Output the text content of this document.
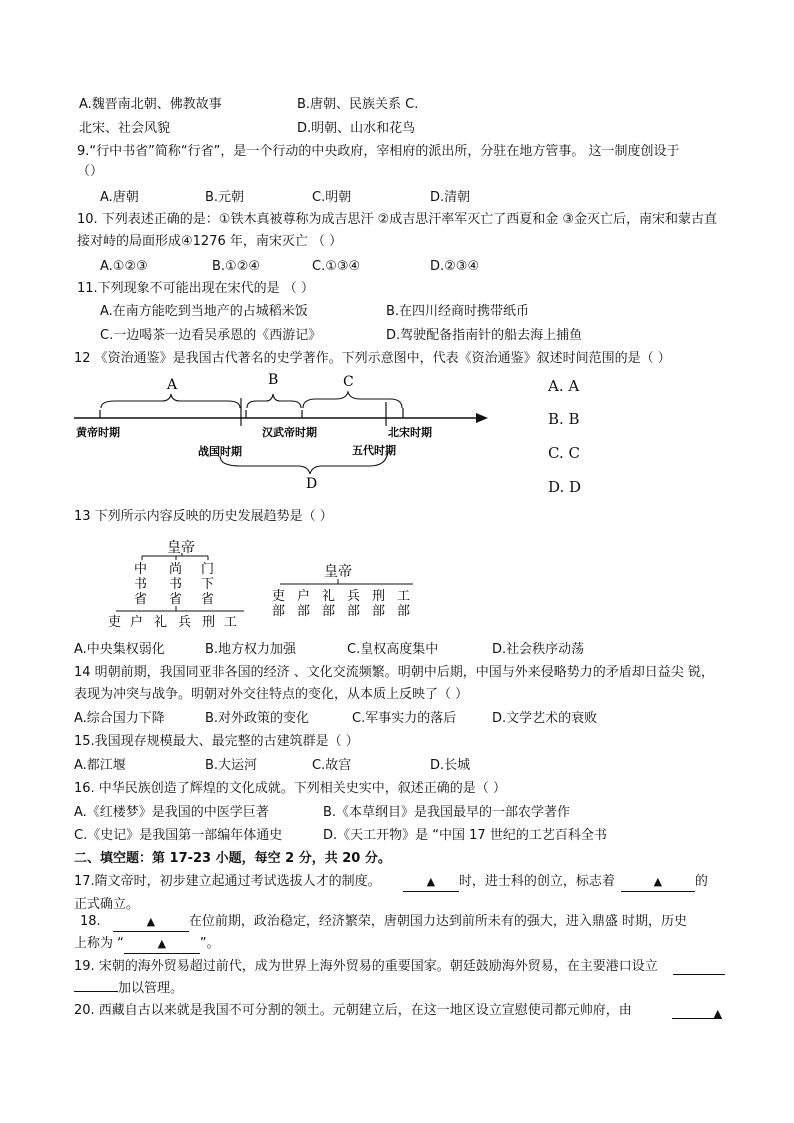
A.魏晋南北朝、佛教故事	B.唐朝、民族关系 C.
北宋、社会风貌	D.明朝、山水和花鸟
9.“行中书省”简称“行省”，是一个行动的中央政府，宰相府的派出所，分驻在地方管事。 这一制度创设于
（）
A.唐朝	B.元朝	C.明朝	D.清朝
10. 下列表述正确的是：①铁木真被尊称为成吉思汗 ②成吉思汗率军灭亡了西夏和金 ③金灭亡后，南宋和蒙古直
接对峙的局面形成④1276 年，南宋灭亡 （ ）
A.①②③	B.①②④	C.①③④	D.②③④
11.下列现象不可能出现在宋代的是 （ ）
A.在南方能吃到当地产的占城稻米饭	B.在四川经商时携带纸币
C.一边喝茶一边看吴承恩的《西游记》	D.驾驶配备指南针的船去海上捕鱼
12 《资治通鉴》是我国古代著名的史学著作。下列示意图中，代表《资治通鉴》叙述时间范围的是（ ）
A	B	C
D
黄帝时期
战国时期
汉武帝时期
五代时期
北宋时期
A. A
B. B
C. C
D. D
13 下列所示内容反映的历史发展趋势是（ ）
皇帝
中
书
省
尚
书
省
门
下
省
吏 户 礼 兵 刑 工
皇帝
吏
部
户
部
礼
部
兵
部
刑
部
工
部
A.中央集权弱化	B.地方权力加强	C.皇权高度集中	D.社会秩序动荡
14 明朝前期，我国同亚非各国的经济 、文化交流频繁。明朝中后期，中国与外来侵略势力的矛盾却日益尖 锐，
表现为冲突与战争。明朝对外交往特点的变化，从本质上反映了（ ）
A.综合国力下降	B.对外政策的变化	C.军事实力的落后	D.文学艺术的衰败
15.我国现存规模最大、最完整的古建筑群是（ ）
A.都江堰	B.大运河	C.故宫	D.长城
16. 中华民族创造了辉煌的文化成就。下列相关史实中，叙述正确的是（ ）
A.《红楼梦》是我国的中医学巨著	B.《本草纲目》是我国最早的一部农学著作
C.《史记》是我国第一部编年体通史	D.《天工开物》是 “中国 17 世纪的工艺百科全书
二、填空题：第 17-23 小题，每空 2 分，共 20 分。
17.隋文帝时，初步建立起通过考试选拔人才的制度。	▲ 时，进士科的创立，标志着	▲	的
正式确立。
18.	▲	在位前期，政治稳定，经济繁荣，唐朝国力达到前所未有的强大，进入鼎盛 时期，历史
上称为 “	▲	”。
19. 宋朝的海外贸易超过前代，成为世界上海外贸易的重要国家。朝廷鼓励海外贸易，在主要港口设立
加以管理。
20. 西藏自古以来就是我国不可分割的领土。元朝建立后，在这一地区设立宣慰使司都元帅府，由	▲
